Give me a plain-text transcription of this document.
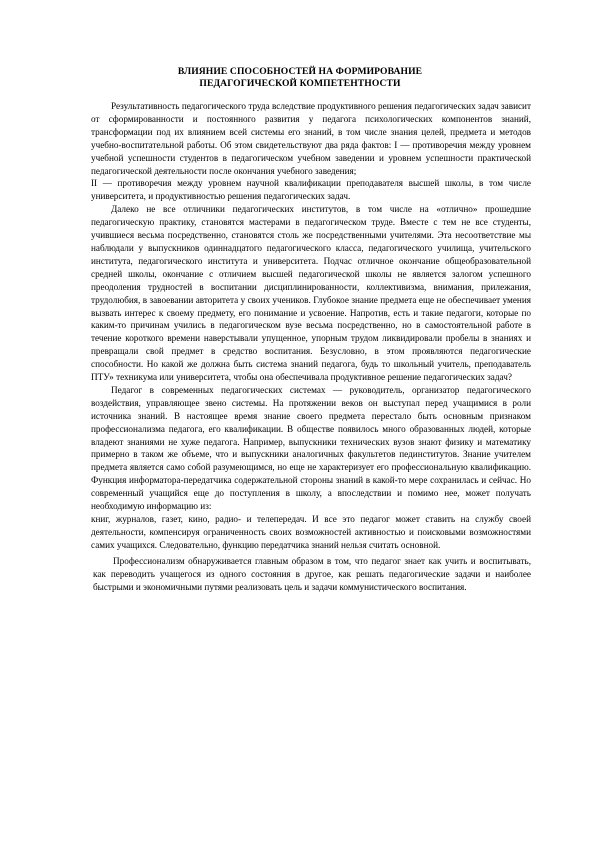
ВЛИЯНИЕ СПОСОБНОСТЕЙ НА ФОРМИРОВАНИЕ
ПЕДАГОГИЧЕСКОЙ КОМПЕТЕНТНОСТИ

Результативность педагогического труда вследствие продуктивного решения педагогических задач зависит от сформированности и постоянного развития у педагога психологических компонентов знаний, трансформации под их влиянием всей системы его знаний, в том числе знания целей, предмета и методов учебно-воспитательной работы. Об этом свидетельствуют два ряда фактов: I — противоречия между уровнем учебной успешности студентов в педагогическом учебном заведении и уровнем успешности практической педагогической деятельности после окончания учебного заведения;

II — противоречия между уровнем научной квалификации преподавателя высшей школы, в том числе университета, и продуктивностью решения педагогических задач.

Далеко не все отличники педагогических институтов, в том числе на «отлично» прошедшие педагогическую практику, становятся мастерами в педагогическом труде. Вместе с тем не все студенты, учившиеся весьма посредственно, становятся столь же посредственными учителями. Эта несоответствие мы наблюдали у выпускников одиннадцатого педагогического класса, педагогического училища, учительского института, педагогического института и университета. Подчас отличное окончание общеобразовательной средней школы, окончание с отличием высшей педагогической школы не является залогом успешного преодоления трудностей в воспитании дисциплинированности, коллективизма, внимания, прилежания, трудолюбия, в завоевании авторитета у своих учеников. Глубокое знание предмета еще не обеспечивает умения вызвать интерес к своему предмету, его понимание и усвоение. Напротив, есть и такие педагоги, которые по каким-то причинам учились в педагогическом вузе весьма посредственно, но в самостоятельной работе в течение короткого времени наверстывали упущенное, упорным трудом ликвидировали пробелы в знаниях и превращали свой предмет в средство воспитания. Безусловно, в этом проявляются педагогические способности. Но какой же должна быть система знаний педагога, будь то школьный учитель, преподаватель ПТУ» техникума или университета, чтобы она обеспечивала продуктивное решение педагогических задач?

Педагог в современных педагогических системах — руководитель, организатор педагогического воздействия, управляющее звено системы. На протяжении веков он выступал перед учащимися в роли источника знаний. В настоящее время знание своего предмета перестало быть основным признаком профессионализма педагога, его квалификации. В обществе появилось много образованных людей, которые владеют знаниями не хуже педагога. Например, выпускники технических вузов знают физику и математику примерно в таком же объеме, что и выпускники аналогичных факультетов пединститутов. Знание учителем предмета является само собой разумеющимся, но еще не характеризует его профессиональную квалификацию. Функция информатора-передатчика содержательной стороны знаний в какой-то мере сохранилась и сейчас. Но современный учащийся еще до поступления в школу, а впоследствии и помимо нее, может получать необходимую информацию из:

книг, журналов, газет, кино, радио- и телепередач. И все это педагог может ставить на службу своей деятельности, компенсируя ограниченность своих возможностей активностью и поисковыми возможностями самих учащихся. Следовательно, функцию передатчика знаний нельзя считать основной.

Профессионализм обнаруживается главным образом в том, что педагог знает как учить и воспитывать, как переводить учащегося из одного состояния в другое, как решать педагогические задачи и наиболее быстрыми и экономичными путями реализовать цель и задачи коммунистического воспитания.
